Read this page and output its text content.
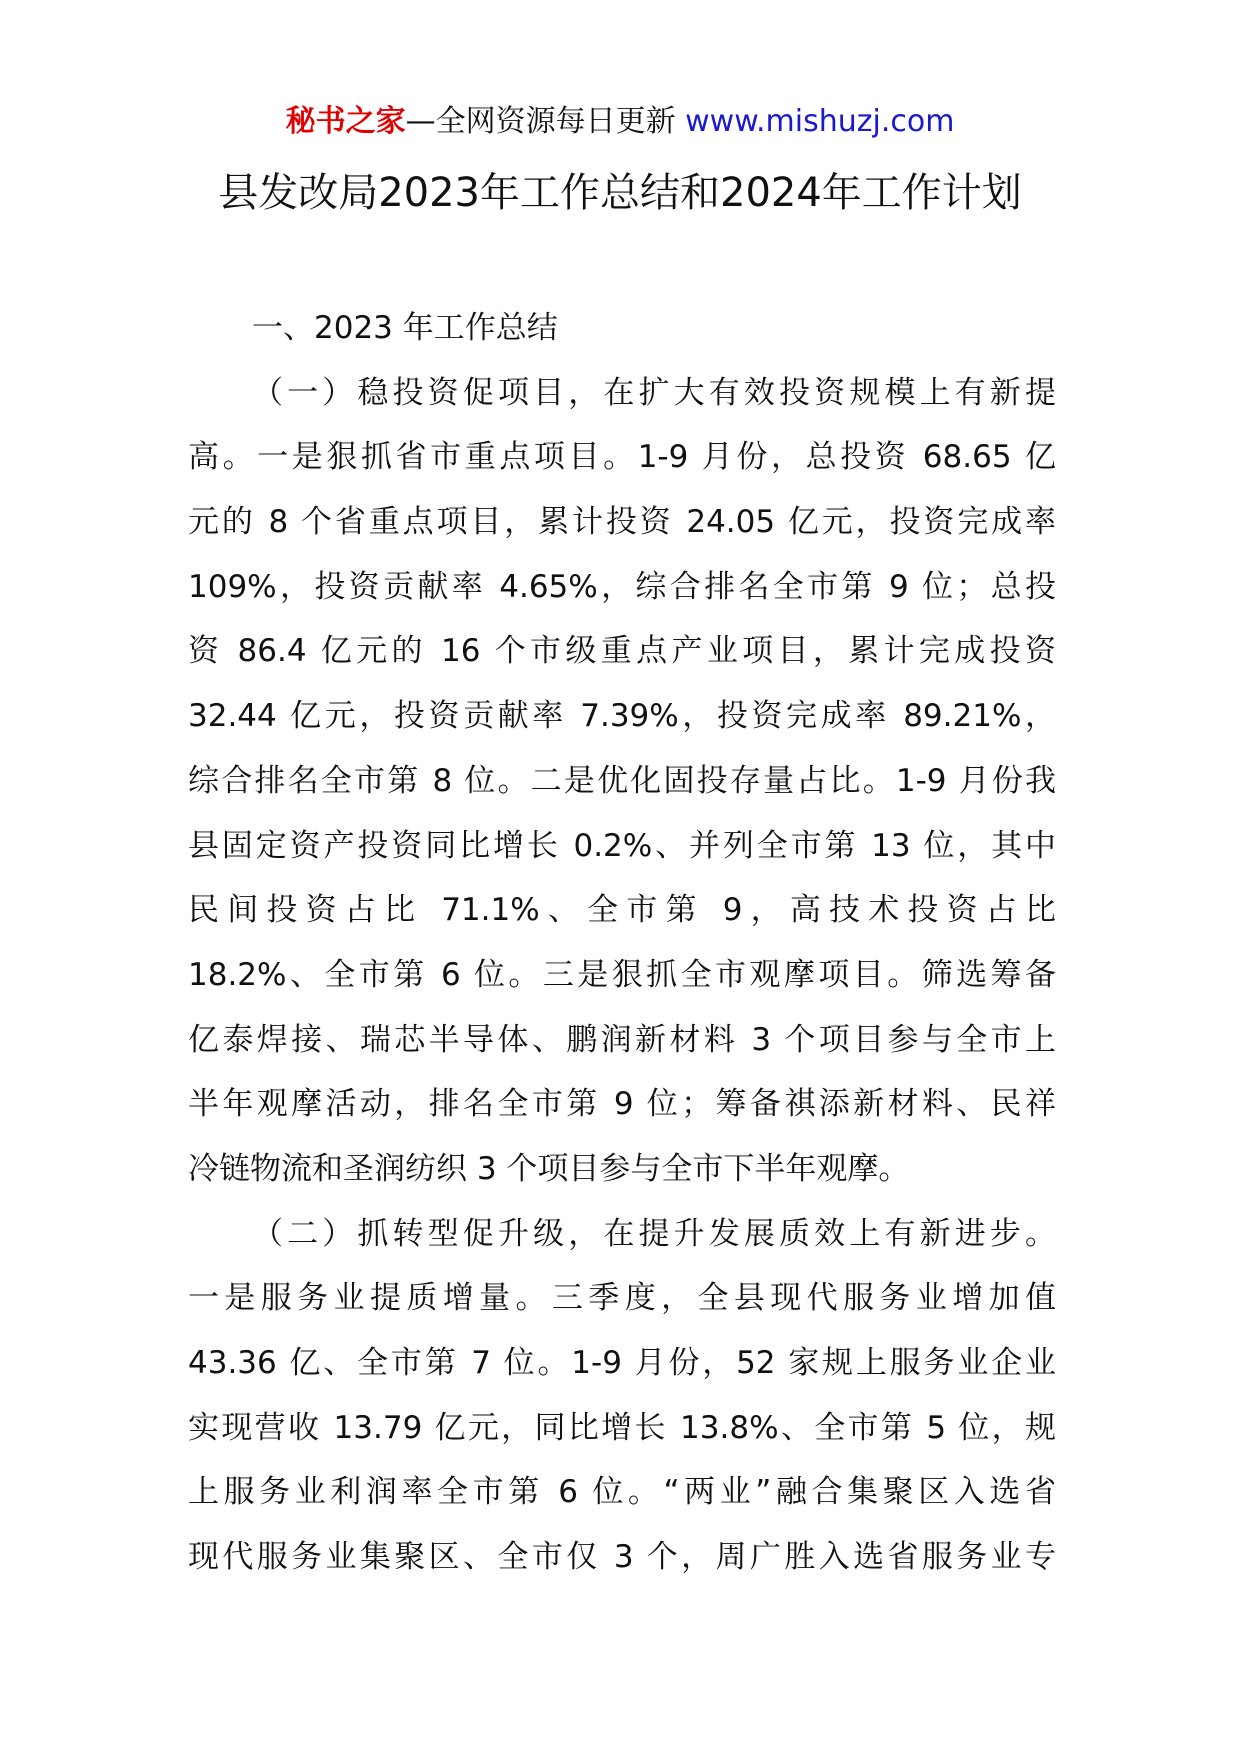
秘书之家—全网资源每日更新 www.mishuzj.com
县发改局2023年工作总结和2024年工作计划
一、2023 年工作总结
（一）稳投资促项目，在扩大有效投资规模上有新提
高。一是狠抓省市重点项目。1-9 月份，总投资 68.65 亿
元的 8 个省重点项目，累计投资 24.05 亿元，投资完成率
109%，投资贡献率 4.65%，综合排名全市第 9 位；总投
资 86.4 亿元的 16 个市级重点产业项目，累计完成投资
32.44 亿元，投资贡献率 7.39%，投资完成率 89.21%，
综合排名全市第 8 位。二是优化固投存量占比。1-9 月份我
县固定资产投资同比增长 0.2%、并列全市第 13 位，其中
民间投资占比 71.1%、全市第 9，高技术投资占比
18.2%、全市第 6 位。三是狠抓全市观摩项目。筛选筹备
亿泰焊接、瑞芯半导体、鹏润新材料 3 个项目参与全市上
半年观摩活动，排名全市第 9 位；筹备祺添新材料、民祥
冷链物流和圣润纺织 3 个项目参与全市下半年观摩。
（二）抓转型促升级，在提升发展质效上有新进步。
一是服务业提质增量。三季度，全县现代服务业增加值
43.36 亿、全市第 7 位。1-9 月份，52 家规上服务业企业
实现营收 13.79 亿元，同比增长 13.8%、全市第 5 位，规
上服务业利润率全市第 6 位。“两业”融合集聚区入选省
现代服务业集聚区、全市仅 3 个，周广胜入选省服务业专
